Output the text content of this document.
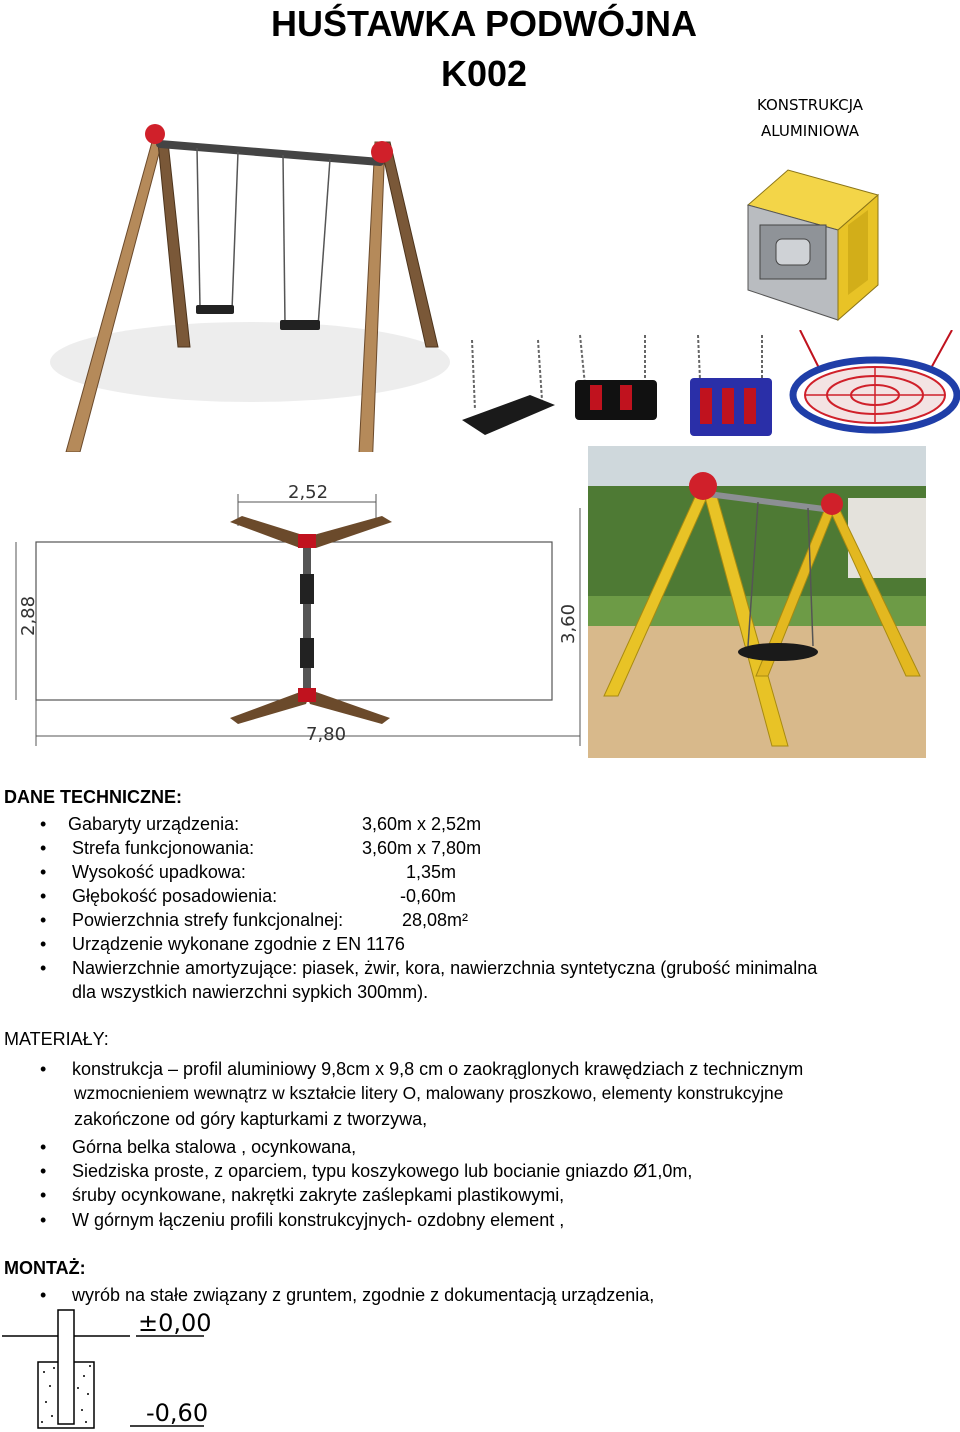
HUŚTAWKA PODWÓJNA
K002
KONSTRUKCJA
ALUMINIOWA
7,80
2,52
2,88	3,60
DANE TECHNICZNE:
• Gabaryty urządzenia:	3,60m x 2,52m
• Strefa funkcjonowania:	3,60m x 7,80m
• Wysokość upadkowa:	1,35m
• Głębokość posadowienia:	-0,60m
• Powierzchnia strefy funkcjonalnej:	28,08m²
• Urządzenie wykonane zgodnie z EN 1176
• Nawierzchnie amortyzujące: piasek, żwir, kora, nawierzchnia syntetyczna (grubość minimalna
dla wszystkich nawierzchni sypkich 300mm).
MATERIAŁY:
• konstrukcja – profil aluminiowy 9,8cm x 9,8 cm o zaokrąglonych krawędziach z technicznym
wzmocnieniem wewnątrz w kształcie litery O, malowany proszkowo, elementy konstrukcyjne
zakończone od góry kapturkami z tworzywa,
• Górna belka stalowa , ocynkowana,
• Siedziska proste, z oparciem, typu koszykowego lub bocianie gniazdo Ø1,0m,
• śruby ocynkowane, nakrętki zakryte zaślepkami plastikowymi,
• W górnym łączeniu profili konstrukcyjnych- ozdobny element ,
MONTAŻ:
• wyrób na stałe związany z gruntem, zgodnie z dokumentacją urządzenia,
±0,00
-0,60
